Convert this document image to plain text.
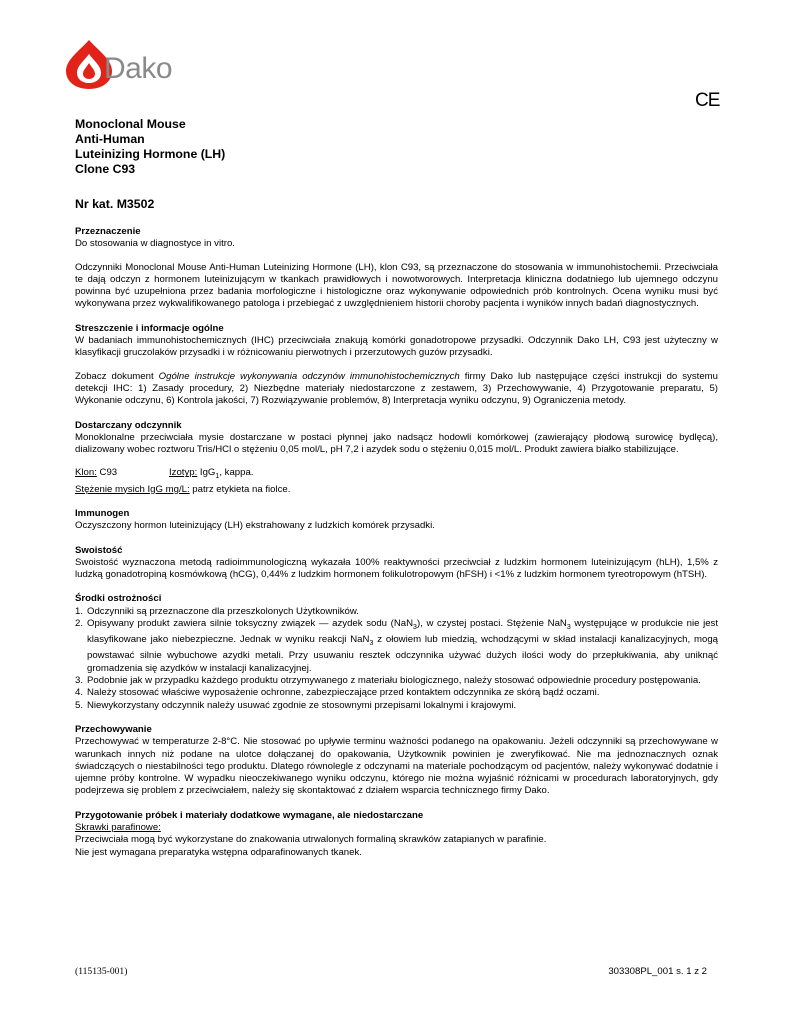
Dako
CE

Monoclonal Mouse

Anti-Human

Luteinizing Hormone (LH)

Clone C93

Nr kat. M3502

Przeznaczenie

Do stosowania w diagnostyce in vitro.

Odczynniki Monoclonal Mouse Anti-Human Luteinizing Hormone (LH), klon C93, są przeznaczone do stosowania w immunohistochemii. Przeciwciała te dają odczyn z hormonem luteinizującym w tkankach prawidłowych i nowotworowych. Interpretacja kliniczna dodatniego lub ujemnego odczynu powinna być uzupełniona przez badania morfologiczne i histologiczne oraz wykonywanie odpowiednich prób kontrolnych. Ocena wyniku musi być wykonywana przez wykwalifikowanego patologa i przebiegać z uwzględnieniem historii choroby pacjenta i wyników innych badań diagnostycznych.

Streszczenie i informacje ogólne

W badaniach immunohistochemicznych (IHC) przeciwciała znakują komórki gonadotropowe przysadki. Odczynnik Dako LH, C93 jest użyteczny w klasyfikacji gruczolaków przysadki i w różnicowaniu pierwotnych i przerzutowych guzów przysadki.

Zobacz dokument Ogólne instrukcje wykonywania odczynów immunohistochemicznych firmy Dako lub następujące części instrukcji do systemu detekcji IHC: 1) Zasady procedury, 2) Niezbędne materiały niedostarczone z zestawem, 3) Przechowywanie, 4) Przygotowanie preparatu, 5) Wykonanie odczynu, 6) Kontrola jakości, 7) Rozwiązywanie problemów, 8) Interpretacja wyniku odczynu, 9) Ograniczenia metody.

Dostarczany odczynnik

Monoklonalne przeciwciała mysie dostarczane w postaci płynnej jako nadsącz hodowli komórkowej (zawierający płodową surowicę bydlęcą), dializowany wobec roztworu Tris/HCl o stężeniu 0,05 mol/L, pH 7,2 i azydek sodu o stężeniu 0,015 mol/L. Produkt zawiera białko stabilizujące.

Klon: C93	Izotyp: IgG$_1$, kappa.
Stężenie mysich IgG mg/L: patrz etykieta na fiolce.
Immunogen

Oczyszczony hormon luteinizujący (LH) ekstrahowany z ludzkich komórek przysadki.

Swoistość

Swoistość wyznaczona metodą radioimmunologiczną wykazała 100% reaktywności przeciwciał z ludzkim hormonem luteinizującym (hLH), 1,5% z ludzką gonadotropiną kosmówkową (hCG), 0,44% z ludzkim hormonem folikulotropowym (hFSH) i <1% z ludzkim hormonem tyreotropowym (hTSH).

Środki ostrożności
1. Odczynniki są przeznaczone dla przeszkolonych Użytkowników.
2. Opisywany produkt zawiera silnie toksyczny związek — azydek sodu (NaN$_3$), w czystej postaci. Stężenie NaN$_3$ występujące w produkcie nie jest klasyfikowane jako niebezpieczne. Jednak w wyniku reakcji NaN$_3$ z ołowiem lub miedzią, wchodzącymi w skład instalacji kanalizacyjnych, mogą powstawać silnie wybuchowe azydki metali. Przy usuwaniu resztek odczynnika używać dużych ilości wody do przepłukiwania, aby uniknąć gromadzenia się azydków w instalacji kanalizacyjnej.
3. Podobnie jak w przypadku każdego produktu otrzymywanego z materiału biologicznego, należy stosować odpowiednie procedury postępowania.
4. Należy stosować właściwe wyposażenie ochronne, zabezpieczające przed kontaktem odczynnika ze skórą bądź oczami.
5. Niewykorzystany odczynnik należy usuwać zgodnie ze stosownymi przepisami lokalnymi i krajowymi.
Przechowywanie

Przechowywać w temperaturze 2-8°C. Nie stosować po upływie terminu ważności podanego na opakowaniu. Jeżeli odczynniki są przechowywane w warunkach innych niż podane na ulotce dołączanej do opakowania, Użytkownik powinien je zweryfikować. Nie ma jednoznacznych oznak świadczących o niestabilności tego produktu. Dlatego równolegle z odczynami na materiale pochodzącym od pacjentów, należy wykonywać dodatnie i ujemne próby kontrolne. W wypadku nieoczekiwanego wyniku odczynu, którego nie można wyjaśnić różnicami w procedurach laboratoryjnych, gdy podejrzewa się problem z przeciwciałem, należy się skontaktować z działem wsparcia technicznego firmy Dako.

Przygotowanie próbek i materiały dodatkowe wymagane, ale niedostarczane
Skrawki parafinowe:

Przeciwciała mogą być wykorzystane do znakowania utrwalonych formaliną skrawków zatapianych w parafinie.

Nie jest wymagana preparatyka wstępna odparafinowanych tkanek.

(115135-001)	303308PL_001 s. 1 z 2
